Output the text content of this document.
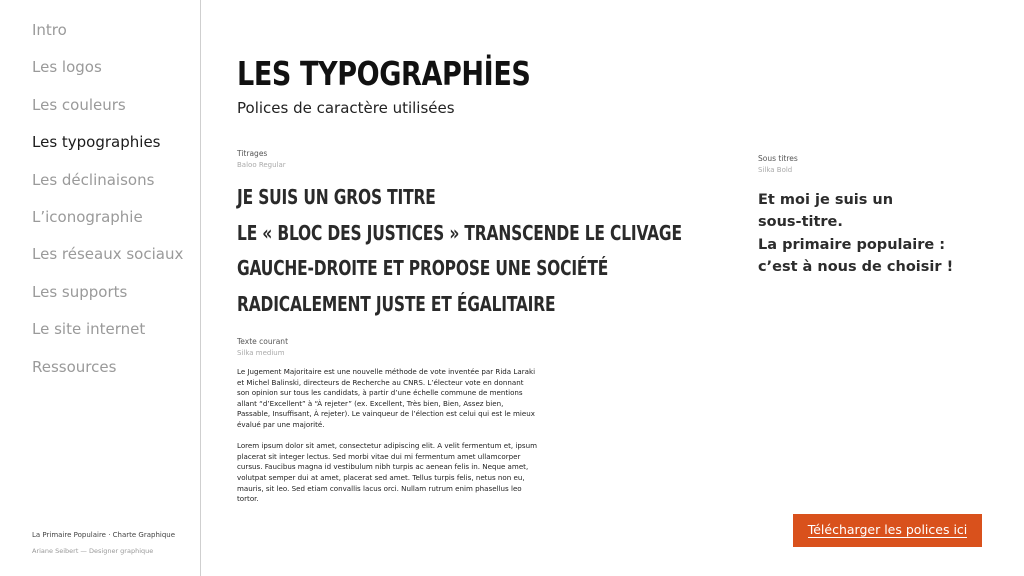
Intro
Les logos
Les couleurs
Les typographies
Les déclinaisons
L’iconographie
Les réseaux sociaux
Les supports
Le site internet
Ressources
La Primaire Populaire · Charte Graphique
Ariane Seibert — Designer graphique
LES TYPOGRAPHİES
Polices de caractère utilisées
Titrages
Baloo Regular
JE SUIS UN GROS TITRE
LE « BLOC DES JUSTICES » TRANSCENDE LE CLIVAGE
GAUCHE-DROITE ET PROPOSE UNE SOCIÉTÉ
RADICALEMENT JUSTE ET ÉGALITAIRE
Sous titres
Silka Bold
Et moi je suis un
sous-titre.
La primaire populaire :
c’est à nous de choisir !
Texte courant
Silka medium

Le Jugement Majoritaire est une nouvelle méthode de vote inventée par Rida Laraki et Michel Balinski, directeurs de Recherche au CNRS. L’électeur vote en donnant son opinion sur tous les candidats, à partir d’une échelle commune de mentions allant “d’Excellent” à “À rejeter” (ex. Excellent, Très bien, Bien, Assez bien, Passable, Insuffisant, À rejeter). Le vainqueur de l’élection est celui qui est le mieux évalué par une majorité.

Lorem ipsum dolor sit amet, consectetur adipiscing elit. A velit fermentum et, ipsum placerat sit integer lectus. Sed morbi vitae dui mi fermentum amet ullamcorper cursus. Faucibus magna id vestibulum nibh turpis ac aenean felis in. Neque amet, volutpat semper dui at amet, placerat sed amet. Tellus turpis felis, netus non eu, mauris, sit leo. Sed etiam convallis lacus orci. Nullam rutrum enim phasellus leo tortor.

Télécharger les polices ici
